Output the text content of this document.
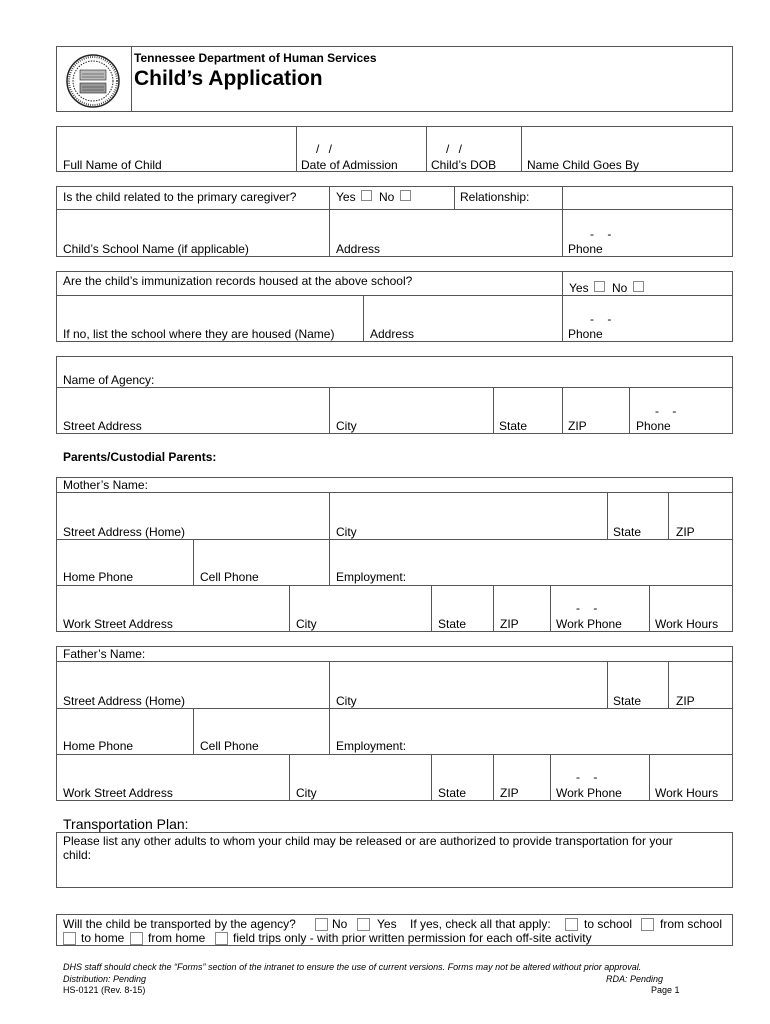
Tennessee Department of Human Services
Child’s Application
/ /	/ /
Full Name of Child	Date of Admission	Child’s DOB	Name Child Goes By
Is the child related to the primary caregiver?	Yes No	Relationship:
- -
Child’s School Name (if applicable)	Address	Phone
Are the child’s immunization records housed at the above school?	Yes No
- -
If no, list the school where they are housed (Name)	Address	Phone
Name of Agency:
- -
Street Address	City	State	ZIP	Phone
Parents/Custodial Parents:
Mother’s Name:
Street Address (Home)	City	State	ZIP
Home Phone	Cell Phone	Employment:
- -
Work Street Address	City	State	ZIP	Work Phone	Work Hours
Father’s Name:
Street Address (Home)	City	State	ZIP
Home Phone	Cell Phone	Employment:
- -
Work Street Address	City	State	ZIP	Work Phone	Work Hours
Transportation Plan:
Please list any other adults to whom your child may be released or are authorized to provide transportation for your
child:
Will the child be transported by the agency?	No Yes If yes, check all that apply:	to school from school
to home from home field trips only - with prior written permission for each off-site activity
DHS staff should check the “Forms” section of the intranet to ensure the use of current versions. Forms may not be altered without prior approval.
Distribution: Pending	RDA: Pending
HS-0121 (Rev. 8-15)	Page 1
